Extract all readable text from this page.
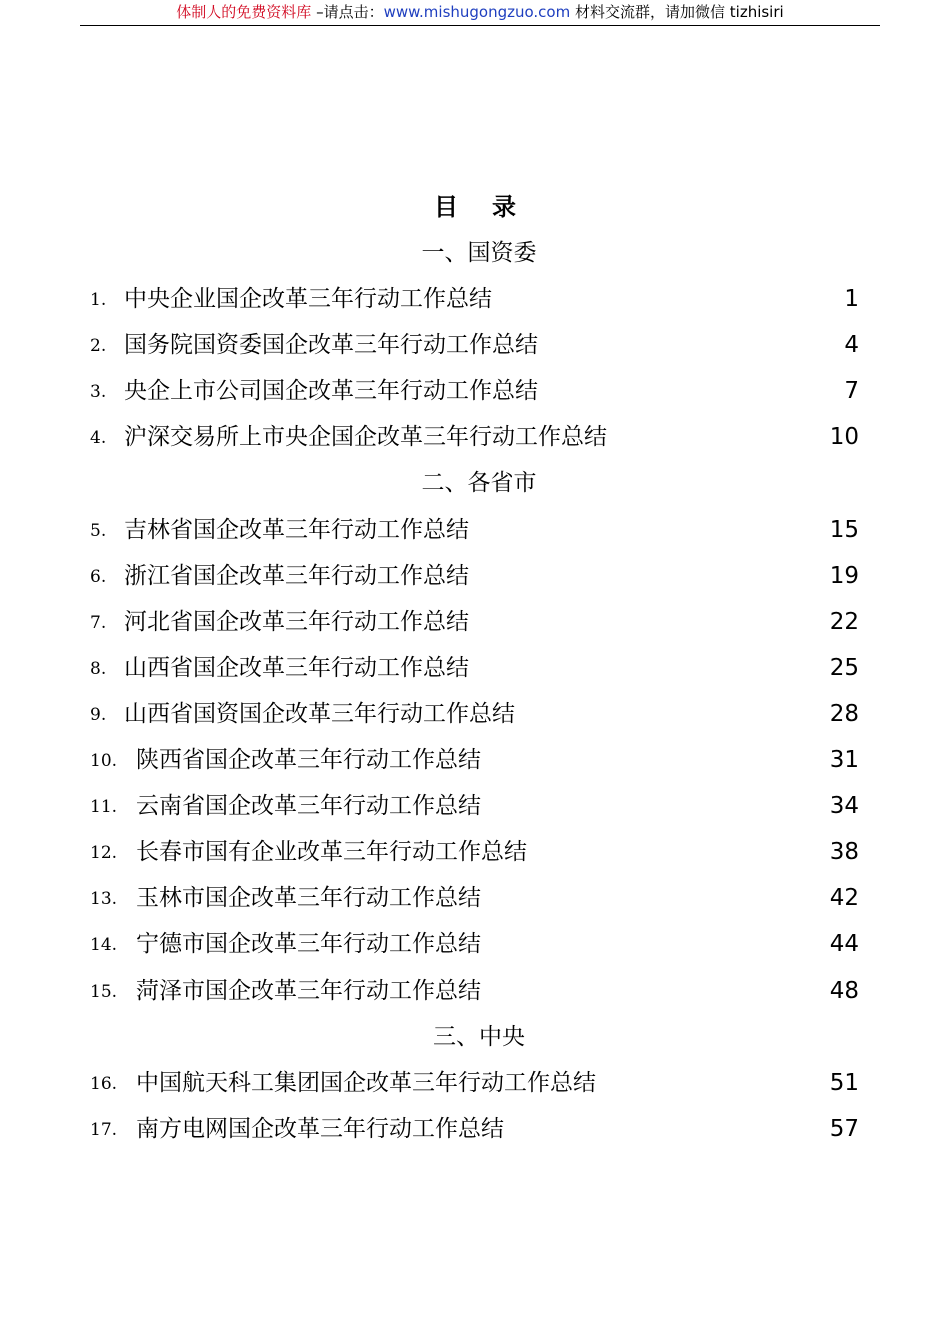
体制人的免费资料库 –请点击：www.mishugongzuo.com 材料交流群，请加微信 tizhisiri
目 录
一、国资委
1. 中央企业国企改革三年行动工作总结	1
2. 国务院国资委国企改革三年行动工作总结	4
3. 央企上市公司国企改革三年行动工作总结	7
4. 沪深交易所上市央企国企改革三年行动工作总结	10
二、各省市
5. 吉林省国企改革三年行动工作总结	15
6. 浙江省国企改革三年行动工作总结	19
7. 河北省国企改革三年行动工作总结	22
8. 山西省国企改革三年行动工作总结	25
9. 山西省国资国企改革三年行动工作总结	28
10. 陕西省国企改革三年行动工作总结	31
11. 云南省国企改革三年行动工作总结	34
12. 长春市国有企业改革三年行动工作总结	38
13. 玉林市国企改革三年行动工作总结	42
14. 宁德市国企改革三年行动工作总结	44
15. 菏泽市国企改革三年行动工作总结	48
三、中央
16. 中国航天科工集团国企改革三年行动工作总结	51
17. 南方电网国企改革三年行动工作总结	57
